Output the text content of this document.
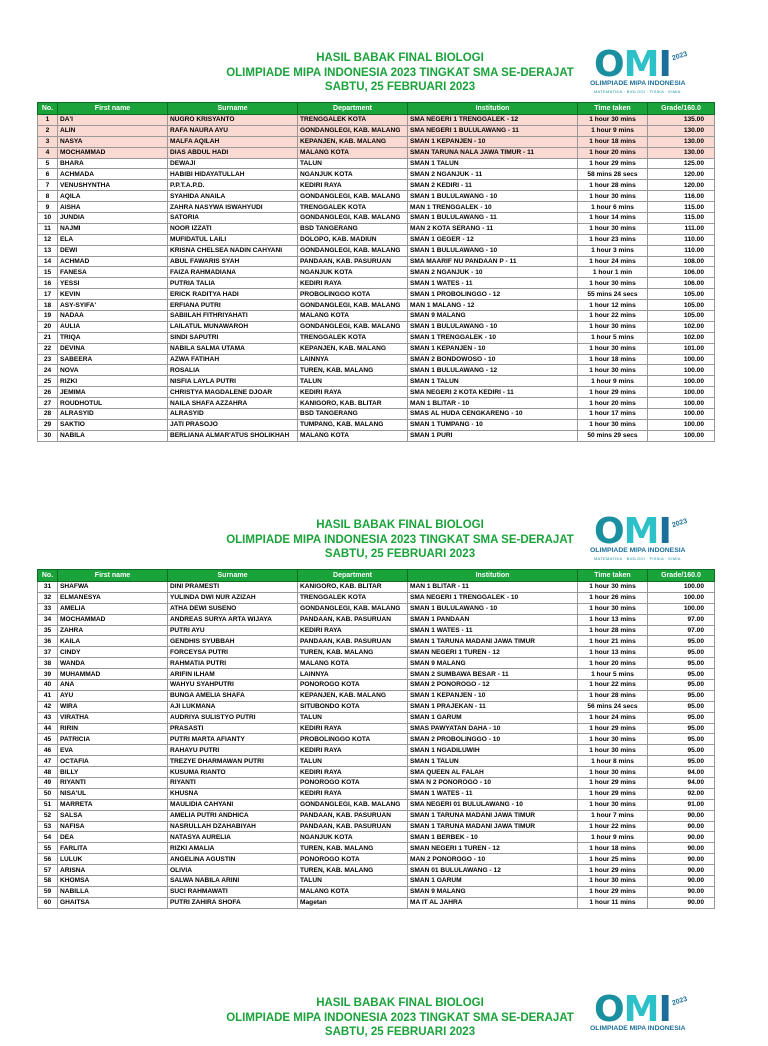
HASIL BABAK FINAL BIOLOGI
OLIMPIADE MIPA INDONESIA 2023 TINGKAT SMA SE-DERAJAT
SABTU, 25 FEBRUARI 2023
OMI 2023
OLIMPIADE MIPA INDONESIA
MATEMATIKA · BIOLOGI · FISIKA · KIMIA
No.	First name	Surname	Department	Institution	Time taken	Grade/160.0
1	DA'I	NUGRO KRISYANTO	TRENGGALEK KOTA	SMA NEGERI 1 TRENGGALEK - 12	1 hour 30 mins	135.00
2	ALIN	RAFA NAURA AYU	GONDANGLEGI, KAB. MALANG	SMA NEGERI 1 BULULAWANG - 11	1 hour 9 mins	130.00
3	NASYA	MALFA AQILAH	KEPANJEN, KAB. MALANG	SMAN 1 KEPANJEN - 10	1 hour 18 mins	130.00
4	MOCHAMMAD	DIAS ABDUL HADI	MALANG KOTA	SMAN TARUNA NALA JAWA TIMUR - 11	1 hour 20 mins	130.00
5	BHARA	DEWAJI	TALUN	SMAN 1 TALUN	1 hour 29 mins	125.00
6	ACHMADA	HABIBI HIDAYATULLAH	NGANJUK KOTA	SMAN 2 NGANJUK - 11	58 mins 28 secs	120.00
7	VENUSHYNTHA	P.P.T.A.P.D.	KEDIRI RAYA	SMAN 2 KEDIRI - 11	1 hour 28 mins	120.00
8	AQILA	SYAHIDA ANAILA	GONDANGLEGI, KAB. MALANG	SMAN 1 BULULAWANG - 10	1 hour 30 mins	116.00
9	AISHA	ZAHRA NASYWA ISWAHYUDI	TRENGGALEK KOTA	MAN 1 TRENGGALEK - 10	1 hour 6 mins	115.00
10	JUNDIA	SATORIA	GONDANGLEGI, KAB. MALANG	SMAN 1 BULULAWANG - 11	1 hour 14 mins	115.00
11	NAJMI	NOOR IZZATI	BSD TANGERANG	MAN 2 KOTA SERANG - 11	1 hour 30 mins	111.00
12	ELA	MUFIDATUL LAILI	DOLOPO, KAB. MADIUN	SMAN 1 GEGER - 12	1 hour 23 mins	110.00
13	DEWI	KRISNA CHELSEA NADIN CAHYANI	GONDANGLEGI, KAB. MALANG	SMAN 1 BULULAWANG - 10	1 hour 3 mins	110.00
14	ACHMAD	ABUL FAWARIS SYAH	PANDAAN, KAB. PASURUAN	SMA MAARIF NU PANDAAN P - 11	1 hour 24 mins	108.00
15	FANESA	FAIZA RAHMADIANA	NGANJUK KOTA	SMAN 2 NGANJUK - 10	1 hour 1 min	106.00
16	YESSI	PUTRIA TALIA	KEDIRI RAYA	SMAN 1 WATES - 11	1 hour 30 mins	106.00
17	KEVIN	ERICK RADITYA HADI	PROBOLINGGO KOTA	SMAN 1 PROBOLINGGO - 12	55 mins 24 secs	105.00
18	ASY-SYIFA'	ERFIANA PUTRI	GONDANGLEGI, KAB. MALANG	MAN 1 MALANG - 12	1 hour 12 mins	105.00
19	NADAA	SABIILAH FITHRIYAHATI	MALANG KOTA	SMAN 9 MALANG	1 hour 22 mins	105.00
20	AULIA	LAILATUL MUNAWAROH	GONDANGLEGI, KAB. MALANG	SMAN 1 BULULAWANG - 10	1 hour 30 mins	102.00
21	TRIQA	SINDI SAPUTRI	TRENGGALEK KOTA	SMAN 1 TRENGGALEK - 10	1 hour 5 mins	102.00
22	DEVINA	NABILA SALMA UTAMA	KEPANJEN, KAB. MALANG	SMAN 1 KEPANJEN - 10	1 hour 30 mins	101.00
23	SABEERA	AZWA FATIHAH	LAINNYA	SMAN 2 BONDOWOSO - 10	1 hour 18 mins	100.00
24	NOVA	ROSALIA	TUREN, KAB. MALANG	SMAN 1 BULULAWANG - 12	1 hour 30 mins	100.00
25	RIZKI	NISFIA LAYLA PUTRI	TALUN	SMAN 1 TALUN	1 hour 9 mins	100.00
26	JEMIMA	CHRISTYA MAGDALENE DJOAR	KEDIRI RAYA	SMA NEGERI 2 KOTA KEDIRI - 11	1 hour 29 mins	100.00
27	ROUDHOTUL	NAILA SHAFA AZZAHRA	KANIGORO, KAB. BLITAR	MAN 1 BLITAR - 10	1 hour 20 mins	100.00
28	ALRASYID	ALRASYID	BSD TANGERANG	SMAS AL HUDA CENGKARENG - 10	1 hour 17 mins	100.00
29	SAKTIO	JATI PRASOJO	TUMPANG, KAB. MALANG	SMAN 1 TUMPANG - 10	1 hour 30 mins	100.00
30	NABILA	BERLIANA ALMAR'ATUS SHOLIKHAH	MALANG KOTA	SMAN 1 PURI	50 mins 29 secs	100.00
HASIL BABAK FINAL BIOLOGI
OLIMPIADE MIPA INDONESIA 2023 TINGKAT SMA SE-DERAJAT
SABTU, 25 FEBRUARI 2023
OMI 2023
OLIMPIADE MIPA INDONESIA
MATEMATIKA · BIOLOGI · FISIKA · KIMIA
No.	First name	Surname	Department	Institution	Time taken	Grade/160.0
31	SHAFWA	DINI PRAMESTI	KANIGORO, KAB. BLITAR	MAN 1 BLITAR - 11	1 hour 30 mins	100.00
32	ELMANESYA	YULINDA DWI NUR AZIZAH	TRENGGALEK KOTA	SMA NEGERI 1 TRENGGALEK - 10	1 hour 26 mins	100.00
33	AMELIA	ATHA DEWI SUSENO	GONDANGLEGI, KAB. MALANG	SMAN 1 BULULAWANG - 10	1 hour 30 mins	100.00
34	MOCHAMMAD	ANDREAS SURYA ARTA WIJAYA	PANDAAN, KAB. PASURUAN	SMAN 1 PANDAAN	1 hour 13 mins	97.00
35	ZAHRA	PUTRI AYU	KEDIRI RAYA	SMAN 1 WATES - 11	1 hour 28 mins	97.00
36	KAILA	GENDHIS SYUBBAH	PANDAAN, KAB. PASURUAN	SMAN 1 TARUNA MADANI JAWA TIMUR	1 hour 21 mins	95.00
37	CINDY	FORCEYSA PUTRI	TUREN, KAB. MALANG	SMAN NEGERI 1 TUREN - 12	1 hour 13 mins	95.00
38	WANDA	RAHMATIA PUTRI	MALANG KOTA	SMAN 9 MALANG	1 hour 20 mins	95.00
39	MUHAMMAD	ARIFIN ILHAM	LAINNYA	SMAN 2 SUMBAWA BESAR - 11	1 hour 5 mins	95.00
40	ANA	WAHYU SYAHPUTRI	PONOROGO KOTA	SMAN 2 PONOROGO - 12	1 hour 22 mins	95.00
41	AYU	BUNGA AMELIA SHAFA	KEPANJEN, KAB. MALANG	SMAN 1 KEPANJEN - 10	1 hour 28 mins	95.00
42	WIRA	AJI LUKMANA	SITUBONDO KOTA	SMAN 1 PRAJEKAN - 11	56 mins 24 secs	95.00
43	VIRATHA	AUDRIYA SULISTYO PUTRI	TALUN	SMAN 1 GARUM	1 hour 24 mins	95.00
44	RIRIN	PRASASTI	KEDIRI RAYA	SMAS PAWYATAN DAHA - 10	1 hour 29 mins	95.00
45	PATRICIA	PUTRI MARTA AFIANTY	PROBOLINGGO KOTA	SMAN 2 PROBOLINGGO - 10	1 hour 30 mins	95.00
46	EVA	RAHAYU PUTRI	KEDIRI RAYA	SMAN 1 NGADILUWIH	1 hour 30 mins	95.00
47	OCTAFIA	TREZYE DHARMAWAN PUTRI	TALUN	SMAN 1 TALUN	1 hour 8 mins	95.00
48	BILLY	KUSUMA RIANTO	KEDIRI RAYA	SMA QUEEN AL FALAH	1 hour 30 mins	94.00
49	RIYANTI	RIYANTI	PONOROGO KOTA	SMA N 2 PONOROGO - 10	1 hour 29 mins	94.00
50	NISA'UL	KHUSNA	KEDIRI RAYA	SMAN 1 WATES - 11	1 hour 29 mins	92.00
51	MARRETA	MAULIDIA CAHYANI	GONDANGLEGI, KAB. MALANG	SMA NEGERI 01 BULULAWANG - 10	1 hour 30 mins	91.00
52	SALSA	AMELIA PUTRI ANDHICA	PANDAAN, KAB. PASURUAN	SMAN 1 TARUNA MADANI JAWA TIMUR	1 hour 7 mins	90.00
53	NAFISA	NASRULLAH DZAHABIYAH	PANDAAN, KAB. PASURUAN	SMAN 1 TARUNA MADANI JAWA TIMUR	1 hour 22 mins	90.00
54	DEA	NATASYA AURELIA	NGANJUK KOTA	SMAN 1 BERBEK - 10	1 hour 9 mins	90.00
55	FARLITA	RIZKI AMALIA	TUREN, KAB. MALANG	SMAN NEGERI 1 TUREN - 12	1 hour 18 mins	90.00
56	LULUK	ANGELINA AGUSTIN	PONOROGO KOTA	MAN 2 PONOROGO - 10	1 hour 25 mins	90.00
57	ARISNA	OLIVIA	TUREN, KAB. MALANG	SMAN 01 BULULAWANG - 12	1 hour 29 mins	90.00
58	KHOMSA	SALWA NABILA ARINI	TALUN	SMAN 1 GARUM	1 hour 30 mins	90.00
59	NABILLA	SUCI RAHMAWATI	MALANG KOTA	SMAN 9 MALANG	1 hour 29 mins	90.00
60	GHAITSA	PUTRI ZAHIRA SHOFA	Magetan	MA IT AL JAHRA	1 hour 11 mins	90.00
HASIL BABAK FINAL BIOLOGI
OLIMPIADE MIPA INDONESIA 2023 TINGKAT SMA SE-DERAJAT
SABTU, 25 FEBRUARI 2023
OMI 2023
OLIMPIADE MIPA INDONESIA
